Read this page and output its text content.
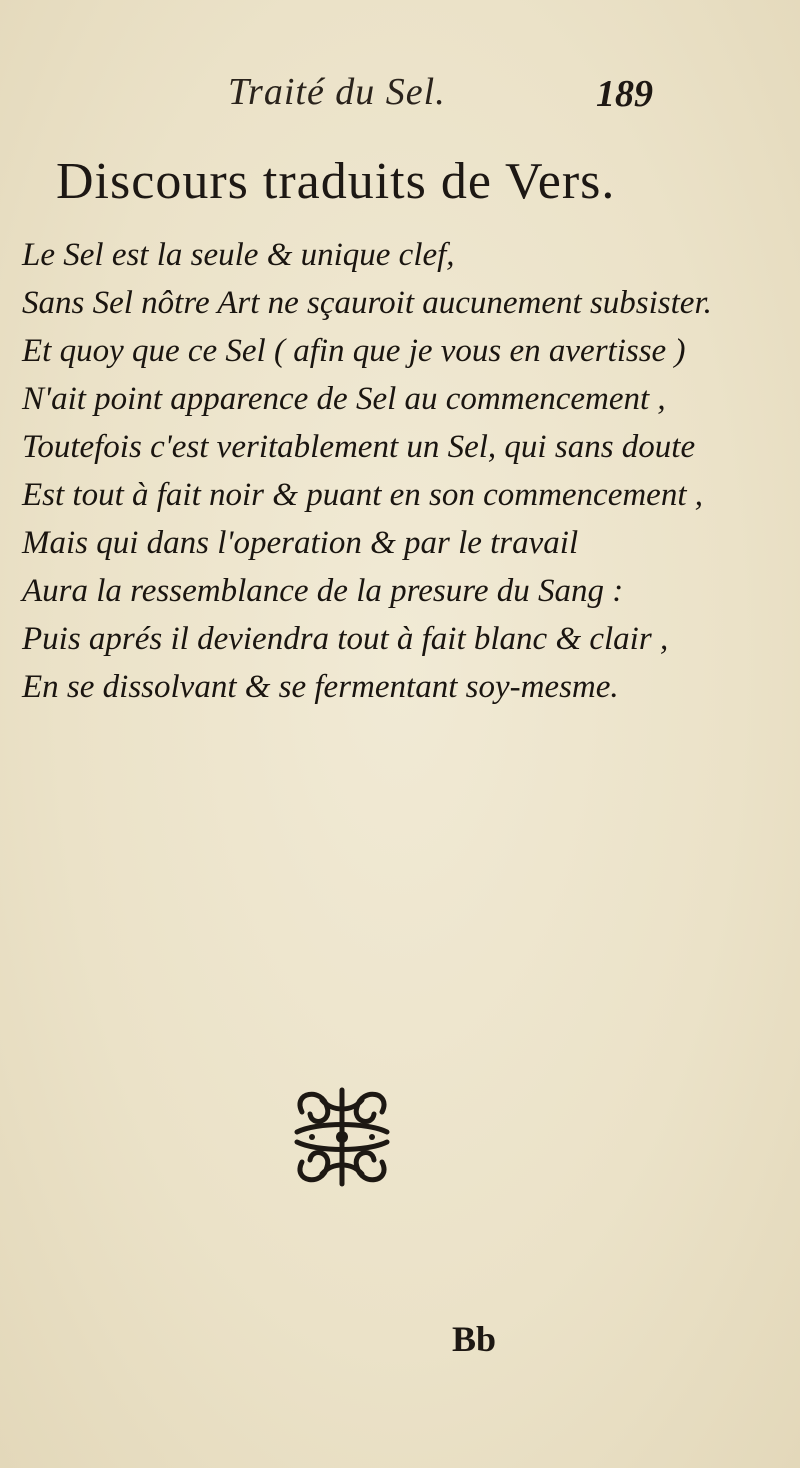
Traité du Sel.	189
Discours traduits de Vers.

Le Sel est la seule & unique clef,

Sans Sel nôtre Art ne sçauroit aucunement subsister.

Et quoy que ce Sel ( afin que je vous en avertisse )

N'ait point apparence de Sel au commencement ,

Toutefois c'est veritablement un Sel, qui sans doute

Est tout à fait noir & puant en son commencement ,

Mais qui dans l'operation & par le travail

Aura la ressemblance de la presure du Sang :

Puis aprés il deviendra tout à fait blanc & clair ,

En se dissolvant & se fermentant soy-mesme.

Bb
